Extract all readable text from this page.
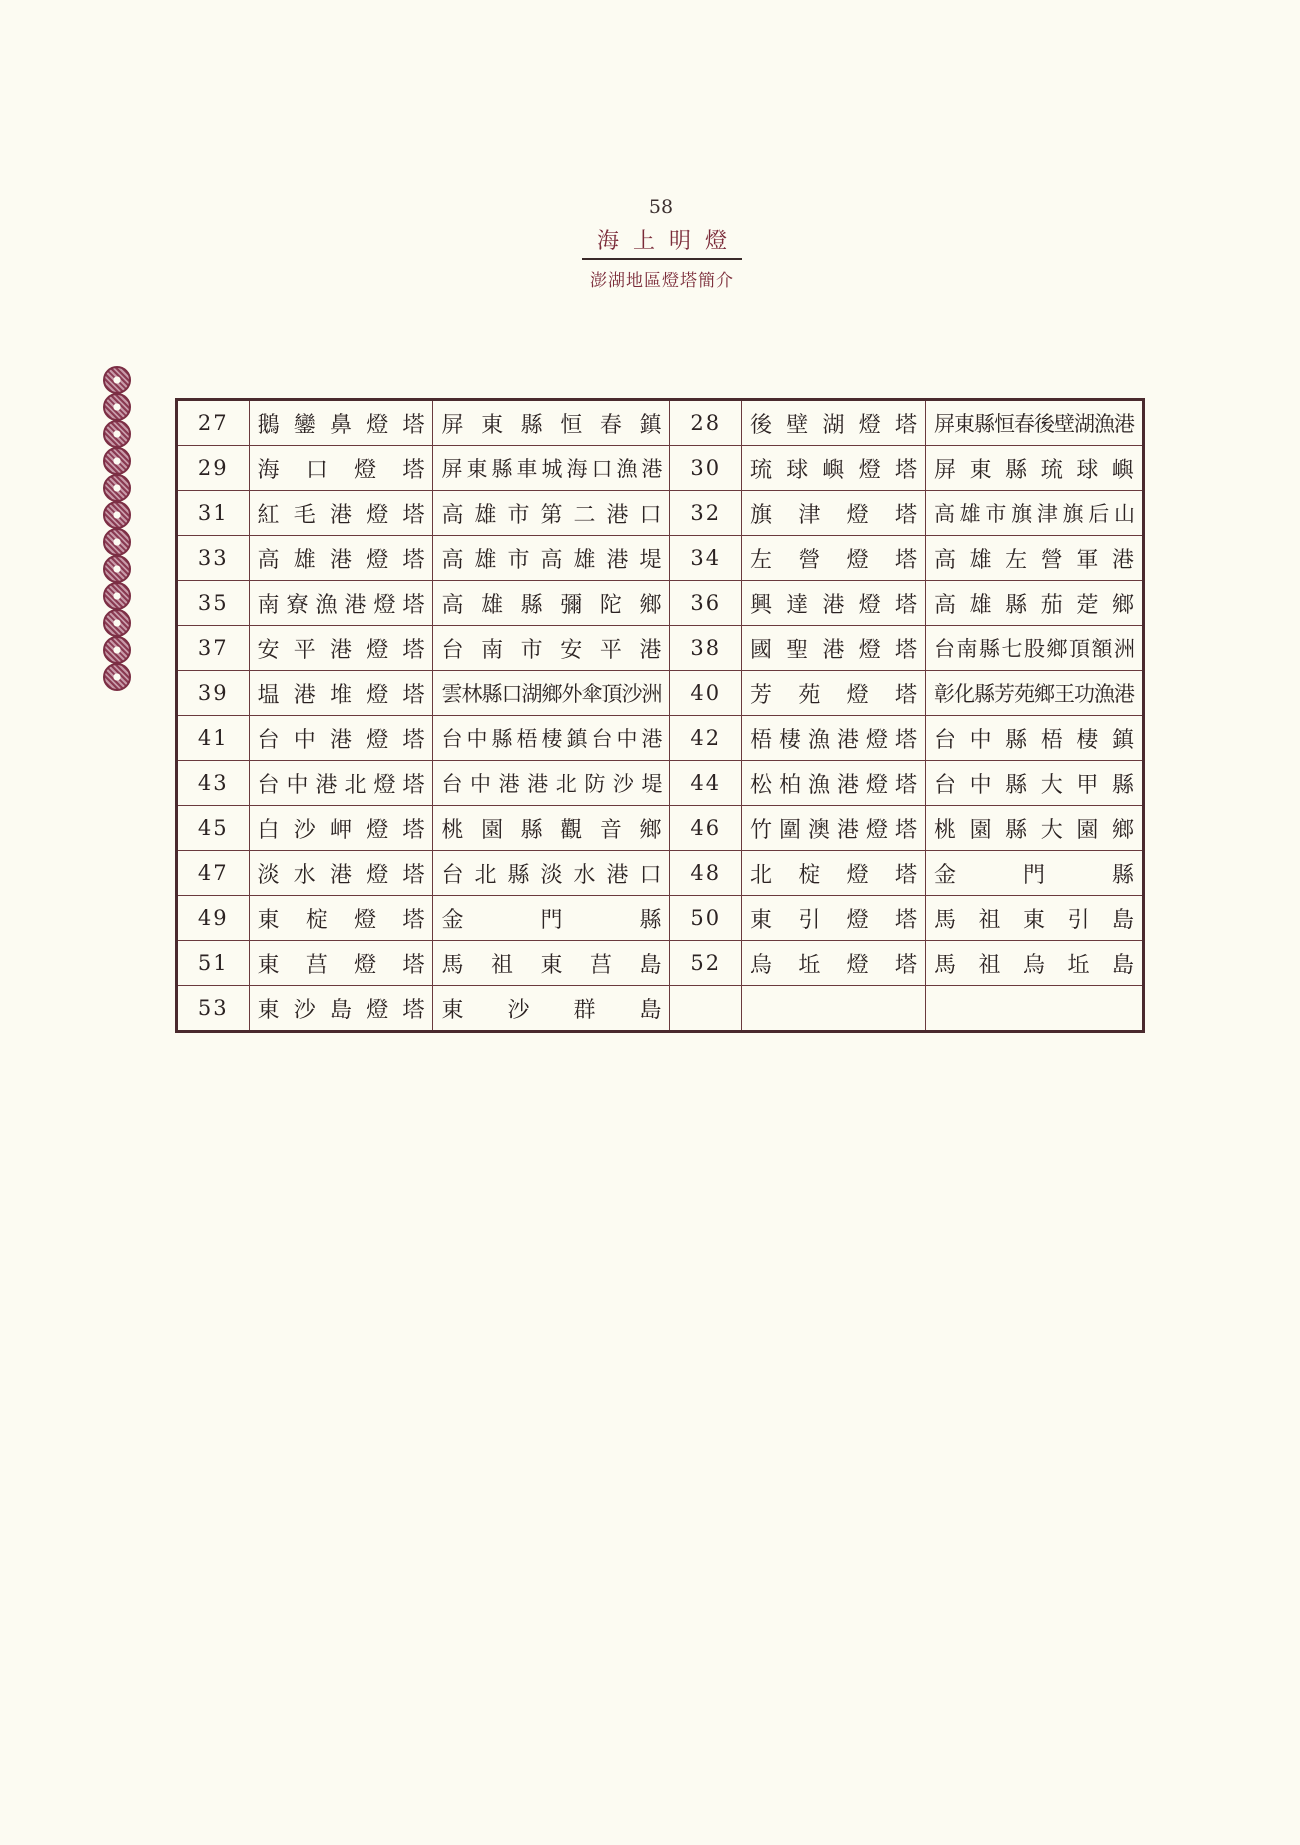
58
海上明燈
澎湖地區燈塔簡介
27	鵝鑾鼻燈塔	屏東縣恒春鎮	28	後壁湖燈塔	屏東縣恒春後壁湖漁港
29	海口燈塔	屏東縣車城海口漁港	30	琉球嶼燈塔	屏東縣琉球嶼
31	紅毛港燈塔	高雄市第二港口	32	旗津燈塔	高雄市旗津旗后山
33	高雄港燈塔	高雄市高雄港堤	34	左營燈塔	高雄左營軍港
35	南寮漁港燈塔	高雄縣彌陀鄉	36	興達港燈塔	高雄縣茄萣鄉
37	安平港燈塔	台南市安平港	38	國聖港燈塔	台南縣七股鄉頂額洲
39	塭港堆燈塔	雲林縣口湖鄉外傘頂沙洲	40	芳苑燈塔	彰化縣芳苑鄉王功漁港
41	台中港燈塔	台中縣梧棲鎮台中港	42	梧棲漁港燈塔	台中縣梧棲鎮
43	台中港北燈塔	台中港港北防沙堤	44	松柏漁港燈塔	台中縣大甲縣
45	白沙岬燈塔	桃園縣觀音鄉	46	竹圍澳港燈塔	桃園縣大園鄉
47	淡水港燈塔	台北縣淡水港口	48	北椗燈塔	金門縣
49	東椗燈塔	金門縣	50	東引燈塔	馬祖東引島
51	東莒燈塔	馬祖東莒島	52	烏坵燈塔	馬祖烏坵島
53	東沙島燈塔	東沙群島			
